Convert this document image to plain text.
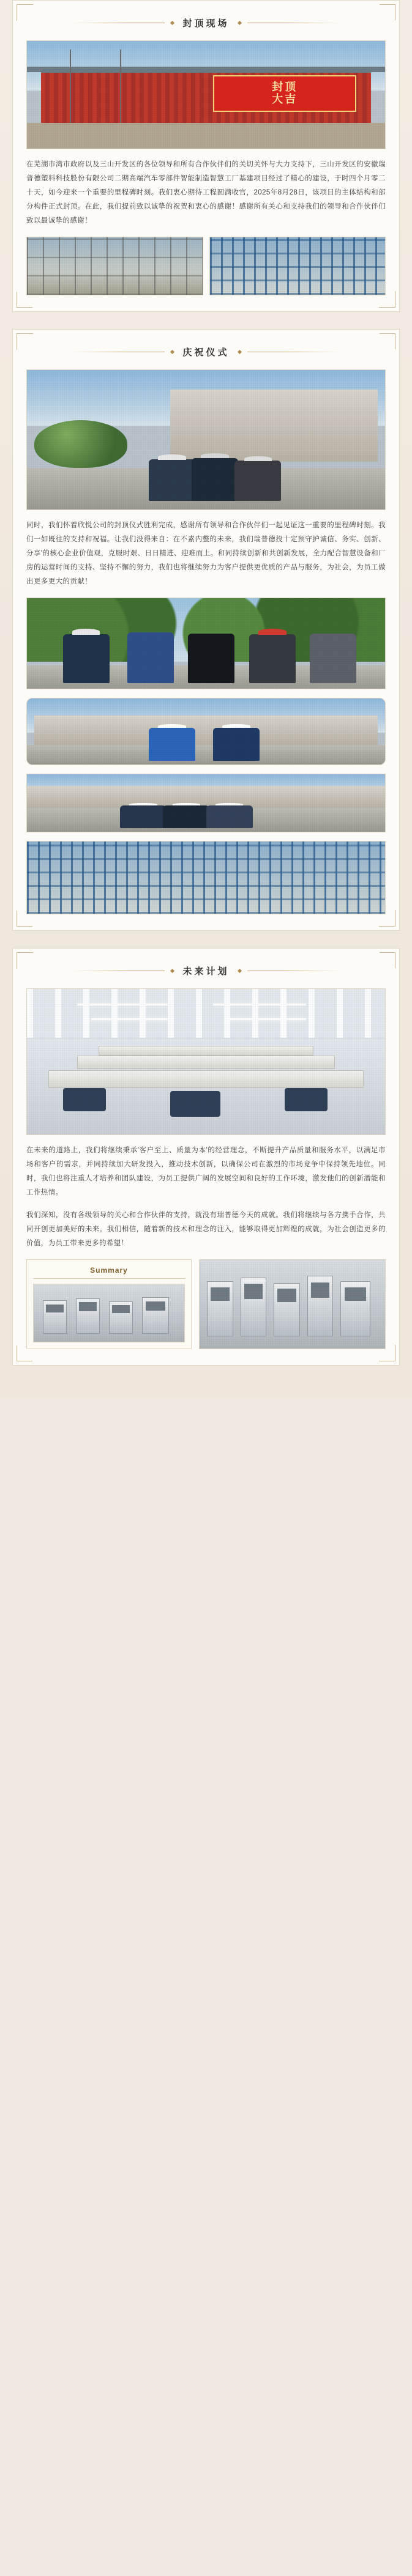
封顶现场
封顶
大吉

在芜湖市湾市政府以及三山开发区的各位领导和所有合作伙伴们的关切关怀与大力支持下，三山开发区的安徽瑞普德塑料科技股份有限公司二期高端汽车零部件智能制造智慧工厂基建项目经过了精心的建设，于时四个月零二十天，如今迎来一个重要的里程碑时刻。我们衷心期待工程圆满收官，2025年8月28日，该项目的主体结构和部分构件正式封顶。在此，我们提前致以诚挚的祝贺和衷心的感谢！感谢所有关心和支持我们的领导和合作伙伴们致以最诚挚的感谢！

庆祝仪式

同时，我们怀着欣悦公司的封顶仪式胜利完成，感谢所有领导和合作伙伴们一起见证这一重要的里程碑时刻。我们一如既往的支持和祝福。让我们没得来自：在不素内整的未来，我们瑞普德投十定预守护诚信、务实、创新、分享'的核心企业价值观，克服时艰、日日精进、迎难而上。和同持续创新和共创新发展，全力配合智慧设备和厂房的运营时间的支持、坚持不懈的努力，我们也将继续努力为客户提供更优质的产品与服务，为社会，为员工做出更多更大的贡献！

未来计划

在未来的道路上，我们将继续秉承'客户至上、质量为本'的经营理念，不断提升产品质量和服务水平，以满足市场和客户的需求，并同持续加大研发投入，推动技术创新，以确保公司在激烈的市场竞争中保持领先地位。同时，我们也将注重人才培养和团队建设，为员工提供广阔的发展空间和良好的工作环境，激发他们的创新潜能和工作热情。

我们深知，没有各级领导的关心和合作伙伴的支持，就没有瑞普德今天的成就。我们将继续与各方携手合作，共同开创更加美好的未来。我们相信，随着新的技术和理念的注入，能够取得更加辉煌的成就，为社会创造更多的价值，为员工带来更多的希望！

Summary
